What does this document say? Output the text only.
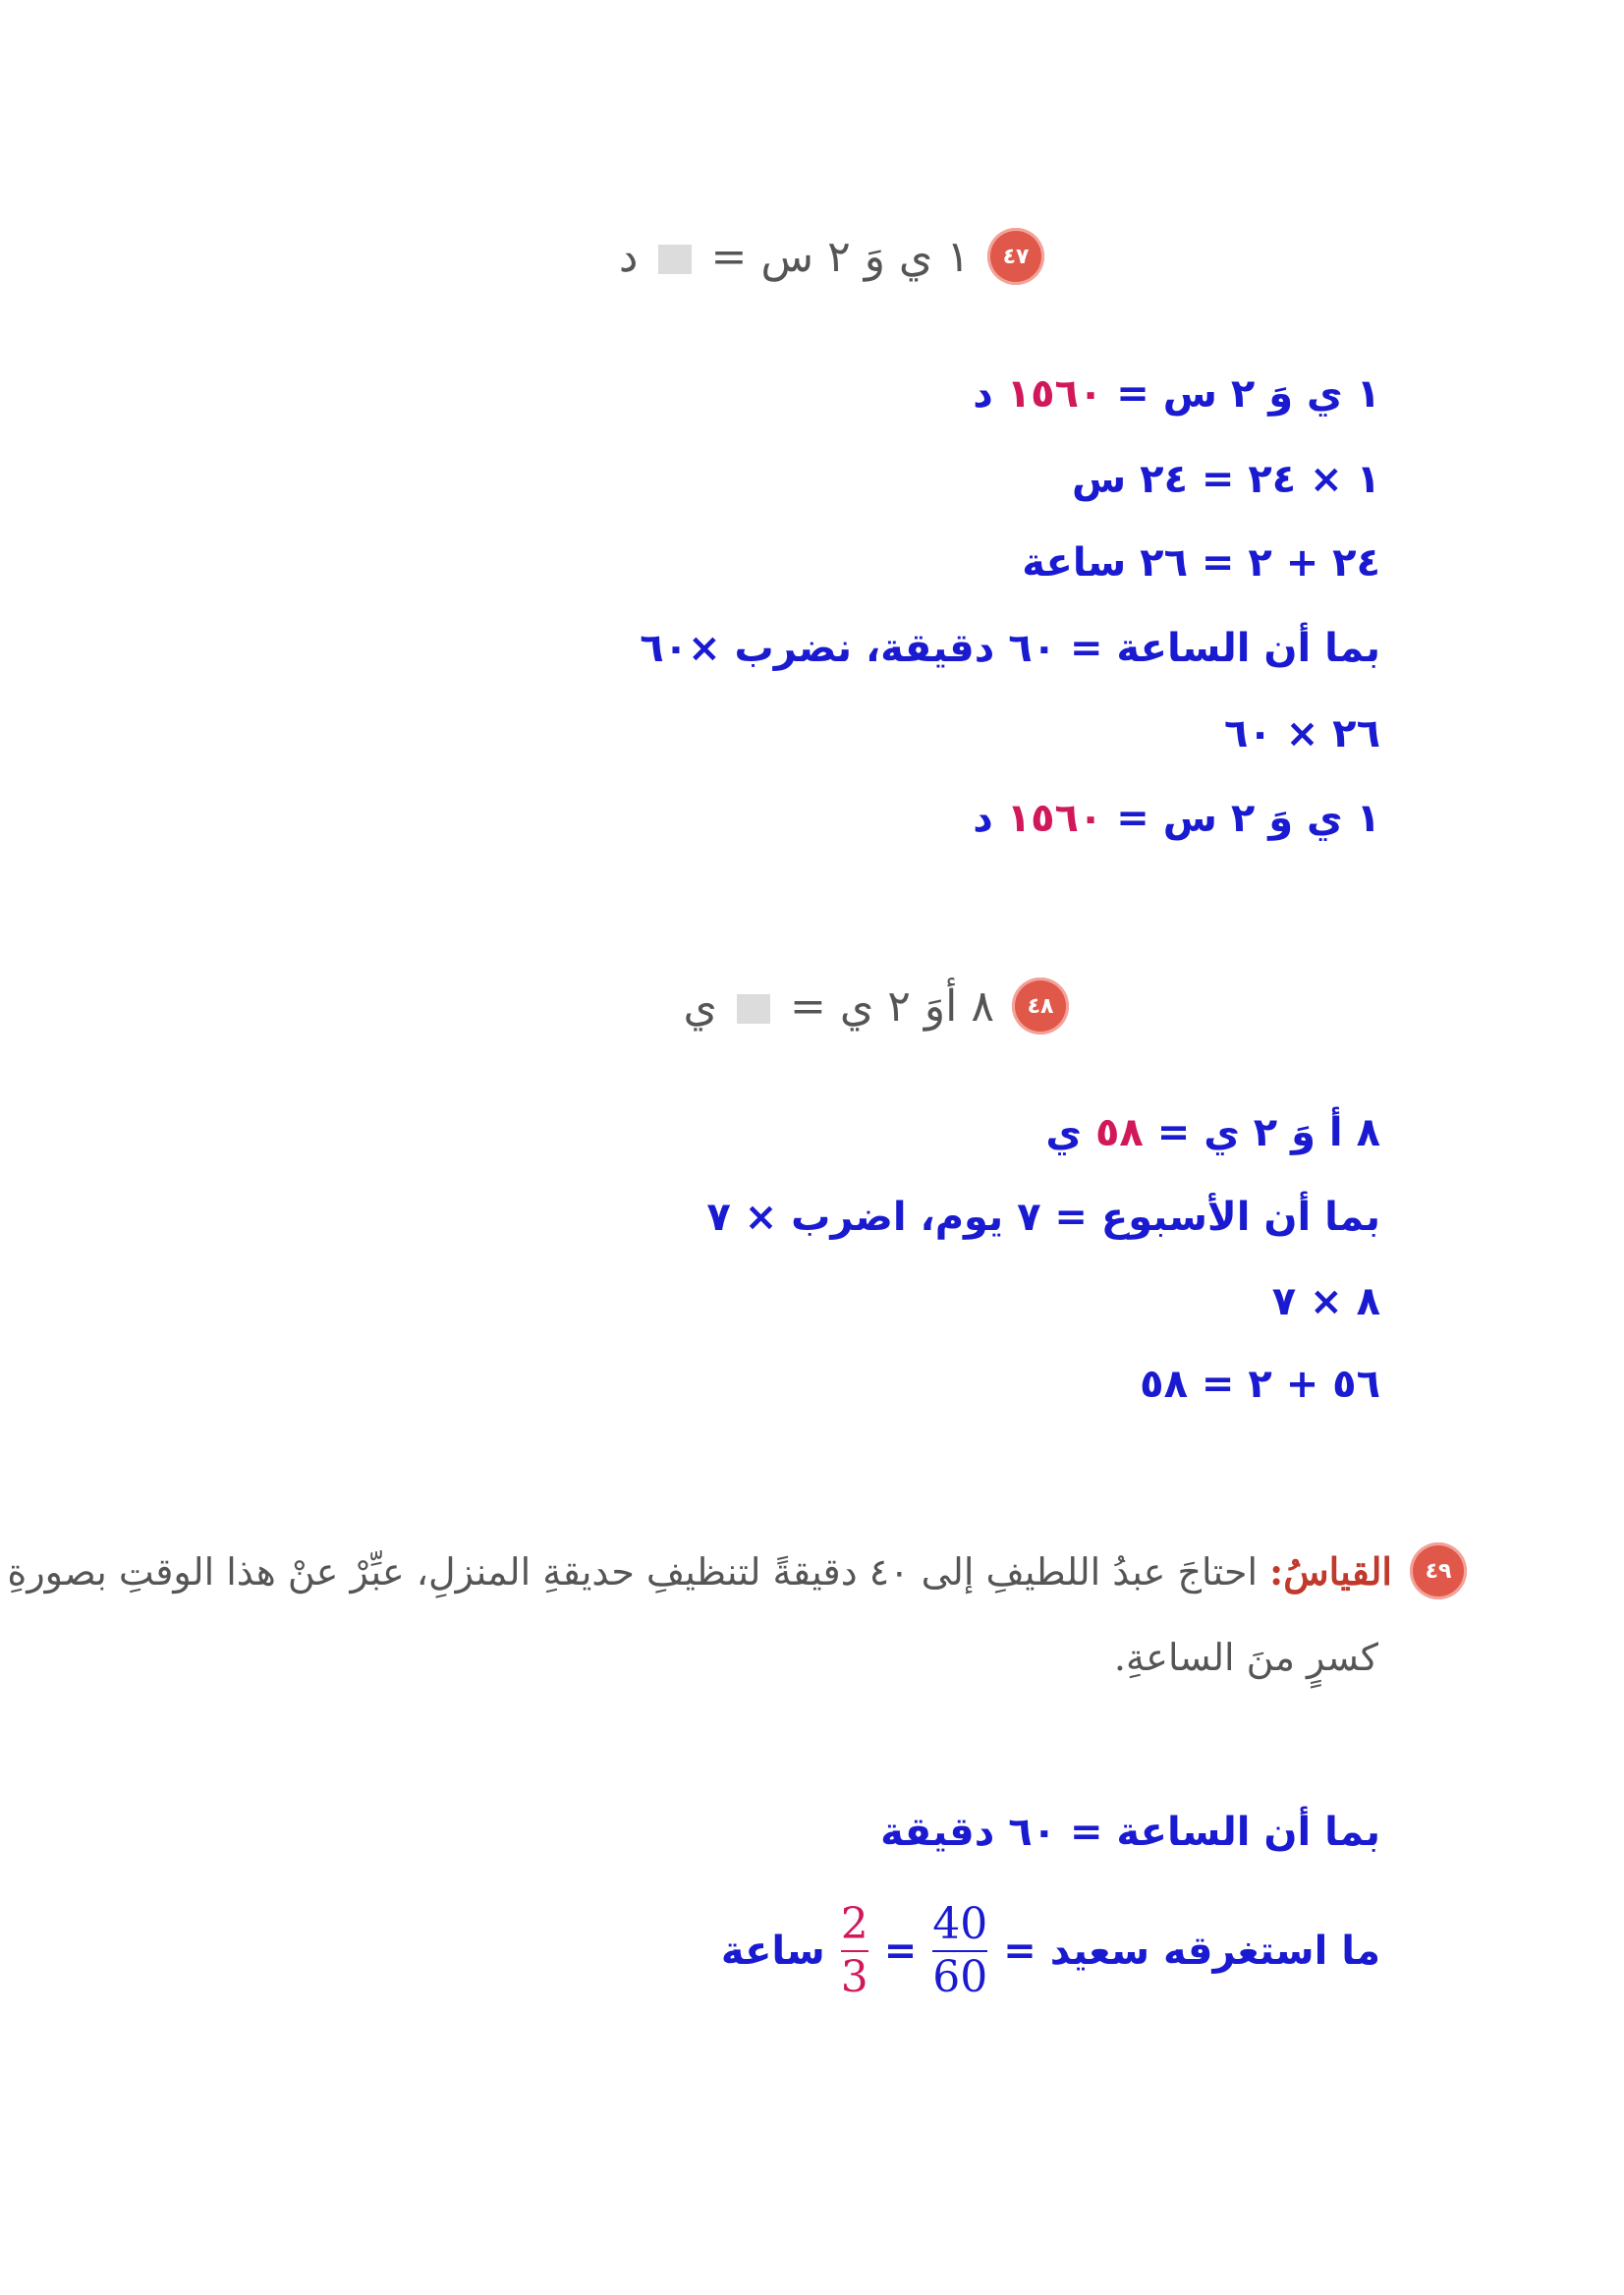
٤٧
١ ي وَ ٢ س =  د
١ ي وَ ٢ س = ١٥٦٠ د
١ × ٢٤ = ٢٤ س
٢٤ + ٢ = ٢٦ ساعة
بما أن الساعة = ٦٠ دقيقة، نضرب ×٦٠
٢٦ × ٦٠
١ ي وَ ٢ س = ١٥٦٠ د
٤٨
٨ أوَ ٢ ي =  ي
٨ أ وَ ٢ ي = ٥٨ ي
بما أن الأسبوع = ٧ يوم، اضرب × ٧
٨ × ٧
٥٦ + ٢ = ٥٨
٤٩
القياسُ: احتاجَ عبدُ اللطيفِ إلى ٤٠ دقيقةً لتنظيفِ حديقةِ المنزلِ، عبِّرْ عنْ هذا الوقتِ بصورةِ
كسرٍ منَ الساعةِ.
بما أن الساعة = ٦٠ دقيقة
ما استغرقه سعيد =
$\frac{40}{60}$
=
$\frac{2}{3}$
ساعة
